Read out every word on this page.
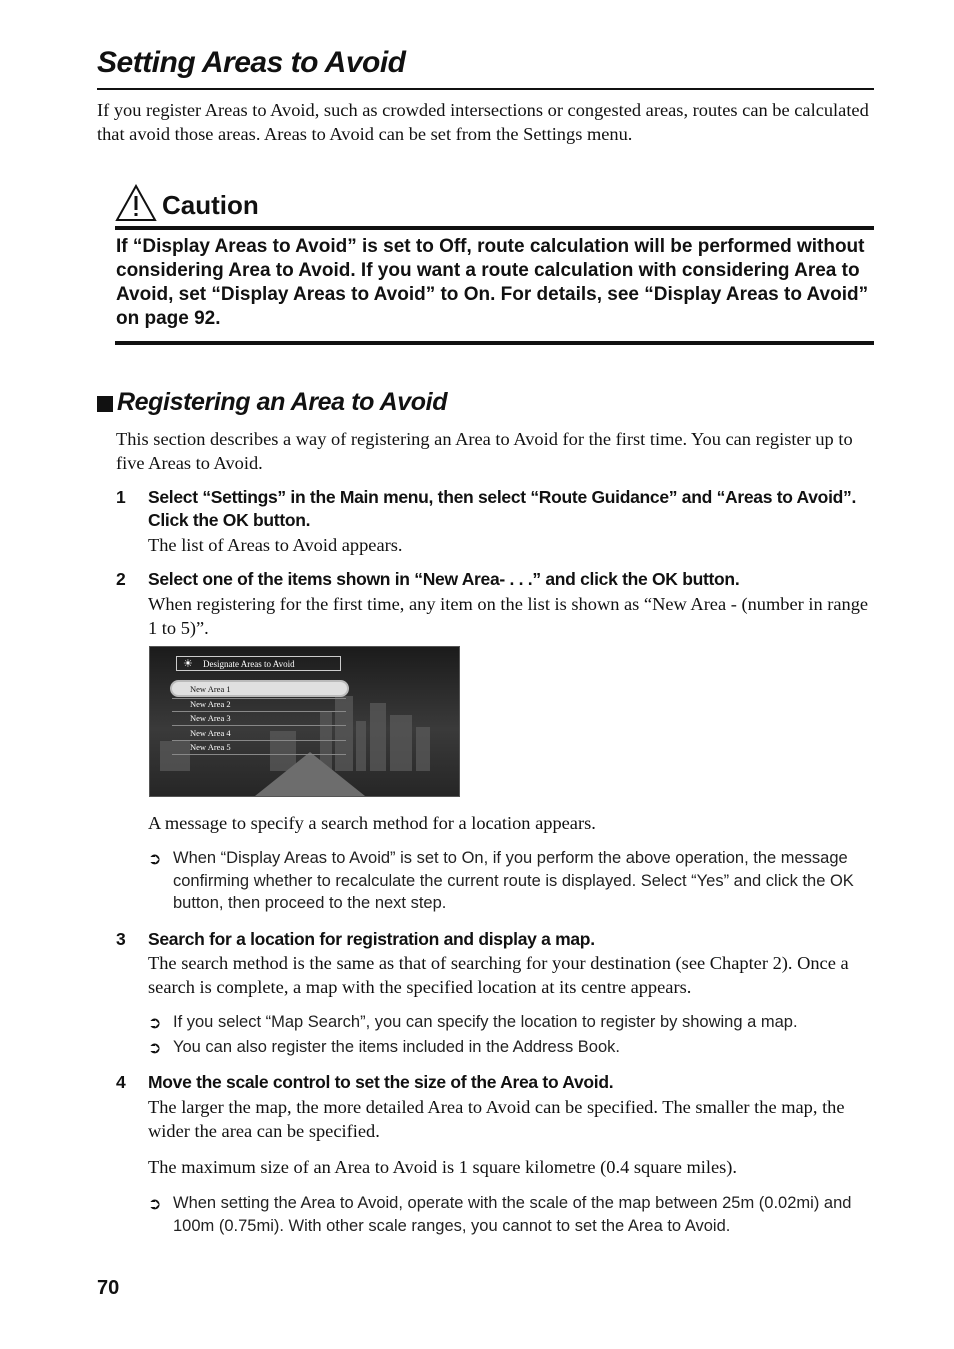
Setting Areas to Avoid
If you register Areas to Avoid, such as crowded intersections or congested areas, routes can be calculated that avoid those areas. Areas to Avoid can be set from the Settings menu.
Caution
If “Display Areas to Avoid” is set to Off, route calculation will be performed without considering Area to Avoid. If you want a route calculation with considering Area to Avoid, set “Display Areas to Avoid” to On. For details, see “Display Areas to Avoid” on page 92.
Registering an Area to Avoid
This section describes a way of registering an Area to Avoid for the first time. You can register up to five Areas to Avoid.
1 Select “Settings” in the Main menu, then select “Route Guidance” and “Areas to Avoid”. Click the OK button.
The list of Areas to Avoid appears.
2 Select one of the items shown in “New Area- . . .” and click the OK button.
When registering for the first time, any item on the list is shown as “New Area - (number in range 1 to 5)”.
☀ Designate Areas to Avoid
New Area 1
New Area 2
New Area 3
New Area 4
New Area 5
A message to specify a search method for a location appears.
➲ When “Display Areas to Avoid” is set to On, if you perform the above operation, the message confirming whether to recalculate the current route is displayed. Select “Yes” and click the OK button, then proceed to the next step.
3 Search for a location for registration and display a map.
The search method is the same as that of searching for your destination (see Chapter 2). Once a search is complete, a map with the specified location at its centre appears.
➲ If you select “Map Search”, you can specify the location to register by showing a map.
➲ You can also register the items included in the Address Book.
4 Move the scale control to set the size of the Area to Avoid.
The larger the map, the more detailed Area to Avoid can be specified. The smaller the map, the wider the area can be specified.
The maximum size of an Area to Avoid is 1 square kilometre (0.4 square miles).
➲ When setting the Area to Avoid, operate with the scale of the map between 25m (0.02mi) and 100m (0.75mi). With other scale ranges, you cannot to set the Area to Avoid.
70
